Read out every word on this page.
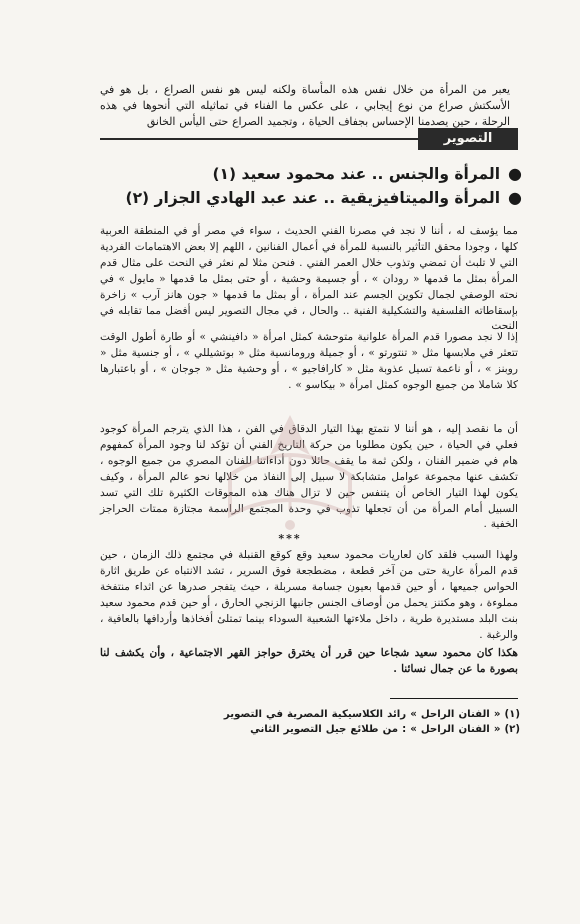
يعبر من المرأة من خلال نفس هذه المأساة ولكنه ليس هو نفس الصراع ، بل هو في الأسكتش صراع من نوع إيجابي ، على عكس ما الفناء في تماثيله التي أنحوها في هذه الرحلة ، حين يصدمنا الإحساس بجفاف الحياة ، وتجميد الصراع حتى اليأس الخانق

التصوير

●المرأة والجنس .. عند محمود سعيد (١)

●المرأة والميتافيزيقية .. عند عبد الهادي الجزار (٢)

مما يؤسف له ، أننا لا نجد في مصرنا الفني الحديث ، سواء في مصر أو في المنطقة العربية كلها ، وجودا محقق التأثير بالنسبة للمرأة في أعمال الفنانين ، اللهم إلا بعض الاهتمامات الفردية التي لا تلبث أن تمضي وتذوب خلال العمر الفني . فنحن مثلا لم نعثر في النحت على مثال قدم المرأة بمثل ما قدمها « رودان » ، أو جسيمة وحشية ، أو حتى بمثل ما قدمها « مايول » في نحته الوصفي لجمال تكوين الجسم عند المرأة ، أو بمثل ما قدمها « جون هانز آرب » زاخرة بإسقاطاته الفلسفية والتشكيلية الفنية .. والحال ، في مجال التصوير ليس أفضل مما تقابله في النحت

إذا لا نجد مصورا قدم المرأة علوانية متوحشة كمثل امرأة « دافينشي » أو طارة أطول الوقت تتعثر في ملابسها مثل « تنتورتو » ، أو جميلة ورومانسية مثل « بوتشيللي » ، أو جنسية مثل « روبنز » ، أو ناعمة تسيل عذوبة مثل « كارافاجيو » ، أو وحشية مثل « جوجان » ، أو باعتبارها كلا شاملا من جميع الوجوه كمثل امرأة « بيكاسو » .

أن ما نقصد إليه ، هو أننا لا نتمتع بهذا التيار الدقاق في الفن ، هذا الذي يترجم المرأة كوجود فعلي في الحياة ، حين يكون مطلوبا من حركة التاريخ الفني أن تؤكد لنا وجود المرأة كمفهوم هام في ضمير الفنان ، ولكن ثمة ما يقف حائلا دون أداءاتنا للفنان المصري من جميع الوجوه ، تكشف عنها مجموعة عوامل متشابكة لا سبيل إلى النفاذ من خلالها نحو عالم المرأة ، وكيف يكون لهذا التيار الخاص أن يتنفس حين لا تزال هناك هذه المعوقات الكثيرة تلك التي تسد السبيل أمام المرأة من أن تجعلها تذوب في وحدة المجتمع الراسمة مجتازة ممتات الحراجز الخفية .

***

ولهذا السبب فلقد كان لعاريات محمود سعيد وقع كوقع القنبلة في مجتمع ذلك الزمان ، حين قدم المرأة عارية حتى من آخر قطعة ، مضطجعة فوق السرير ، تشد الانتباه عن طريق اثارة الحواس جميعها ، أو حين قدمها بعيون جسامة مسربلة ، حيث يتفجر صدرها عن اثداء منتفخة مملوءة ، وهو مكتنز يحمل من أوصاف الجنس جانبها الزنجي الحارق ، أو حين قدم محمود سعيد بنت البلد مستديرة طرية ، داخل ملاءتها الشعبية السوداء بينما تمتلئ أفخاذها وأردافها بالعافية ، والرغبة .

هكذا كان محمود سعيد شجاعا حين قرر أن يخترق حواجز القهر الاجتماعية ، وأن يكشف لنا بصورة ما عن جمال نسائنا .

(١) « الفنان الراحل » رائد الكلاسيكية المصرية في التصوير

(٢) « الفنان الراحل » : من طلائع جيل التصوير الثاني
